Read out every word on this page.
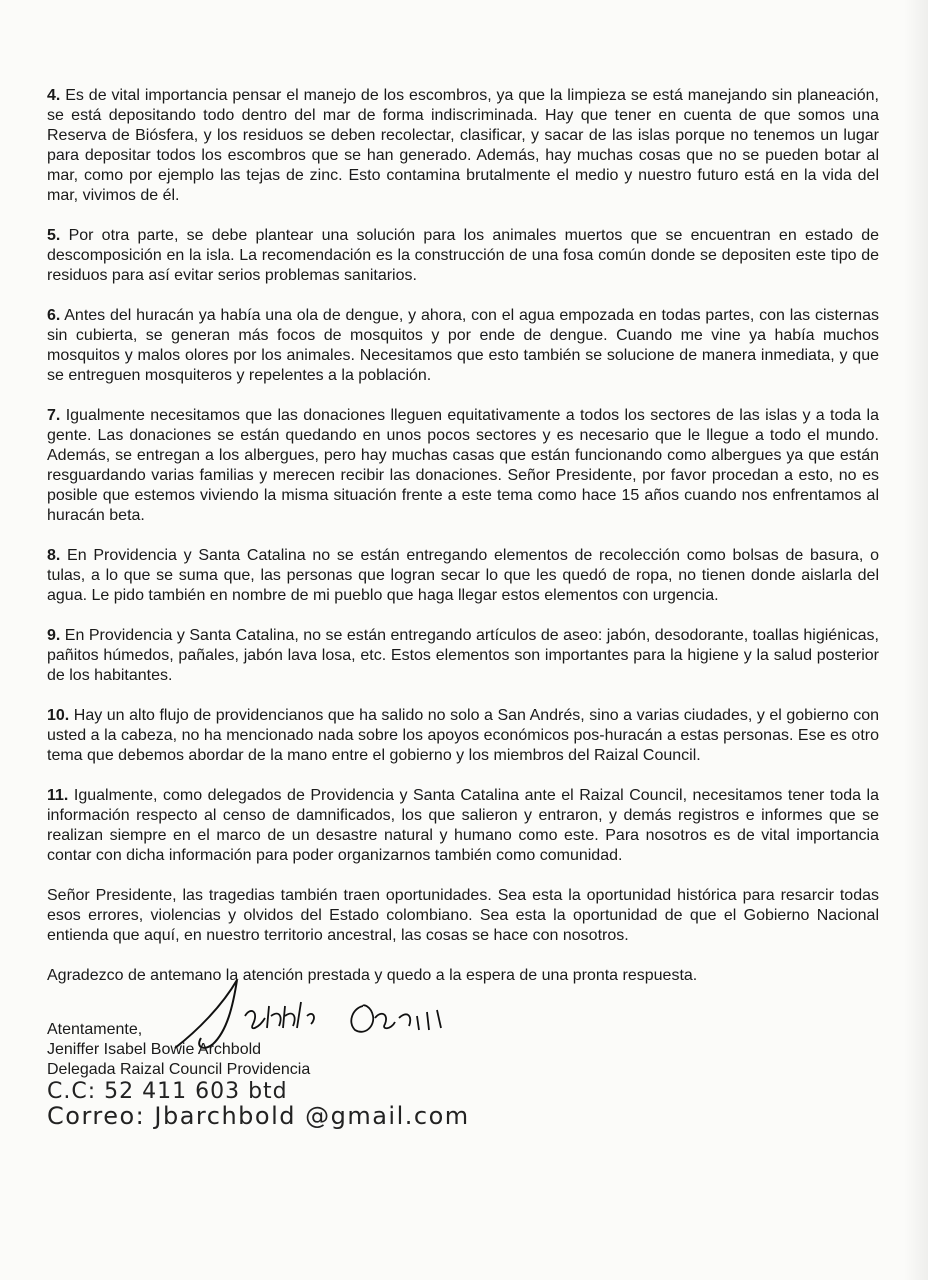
4. Es de vital importancia pensar el manejo de los escombros, ya que la limpieza se está manejando sin planeación, se está depositando todo dentro del mar de forma indiscriminada. Hay que tener en cuenta de que somos una Reserva de Biósfera, y los residuos se deben recolectar, clasificar, y sacar de las islas porque no tenemos un lugar para depositar todos los escombros que se han generado. Además, hay muchas cosas que no se pueden botar al mar, como por ejemplo las tejas de zinc. Esto contamina brutalmente el medio y nuestro futuro está en la vida del mar, vivimos de él.

5. Por otra parte, se debe plantear una solución para los animales muertos que se encuentran en estado de descomposición en la isla. La recomendación es la construcción de una fosa común donde se depositen este tipo de residuos para así evitar serios problemas sanitarios.

6. Antes del huracán ya había una ola de dengue, y ahora, con el agua empozada en todas partes, con las cisternas sin cubierta, se generan más focos de mosquitos y por ende de dengue. Cuando me vine ya había muchos mosquitos y malos olores por los animales. Necesitamos que esto también se solucione de manera inmediata, y que se entreguen mosquiteros y repelentes a la población.

7. Igualmente necesitamos que las donaciones lleguen equitativamente a todos los sectores de las islas y a toda la gente. Las donaciones se están quedando en unos pocos sectores y es necesario que le llegue a todo el mundo. Además, se entregan a los albergues, pero hay muchas casas que están funcionando como albergues ya que están resguardando varias familias y merecen recibir las donaciones. Señor Presidente, por favor procedan a esto, no es posible que estemos viviendo la misma situación frente a este tema como hace 15 años cuando nos enfrentamos al huracán beta.

8. En Providencia y Santa Catalina no se están entregando elementos de recolección como bolsas de basura, o tulas, a lo que se suma que, las personas que logran secar lo que les quedó de ropa, no tienen donde aislarla del agua. Le pido también en nombre de mi pueblo que haga llegar estos elementos con urgencia.

9. En Providencia y Santa Catalina, no se están entregando artículos de aseo: jabón, desodorante, toallas higiénicas, pañitos húmedos, pañales, jabón lava losa, etc. Estos elementos son importantes para la higiene y la salud posterior de los habitantes.

10. Hay un alto flujo de providencianos que ha salido no solo a San Andrés, sino a varias ciudades, y el gobierno con usted a la cabeza, no ha mencionado nada sobre los apoyos económicos pos-huracán a estas personas. Ese es otro tema que debemos abordar de la mano entre el gobierno y los miembros del Raizal Council.

11. Igualmente, como delegados de Providencia y Santa Catalina ante el Raizal Council, necesitamos tener toda la información respecto al censo de damnificados, los que salieron y entraron, y demás registros e informes que se realizan siempre en el marco de un desastre natural y humano como este. Para nosotros es de vital importancia contar con dicha información para poder organizarnos también como comunidad.

Señor Presidente, las tragedias también traen oportunidades. Sea esta la oportunidad histórica para resarcir todas esos errores, violencias y olvidos del Estado colombiano. Sea esta la oportunidad de que el Gobierno Nacional entienda que aquí, en nuestro territorio ancestral, las cosas se hace con nosotros.

Agradezco de antemano la atención prestada y quedo a la espera de una pronta respuesta.

Atentamente,
Jeniffer Isabel Bowie Archbold
Delegada Raizal Council Providencia
C.C: 52 411 603 btd
Correo: Jbarchbold @gmail.com
